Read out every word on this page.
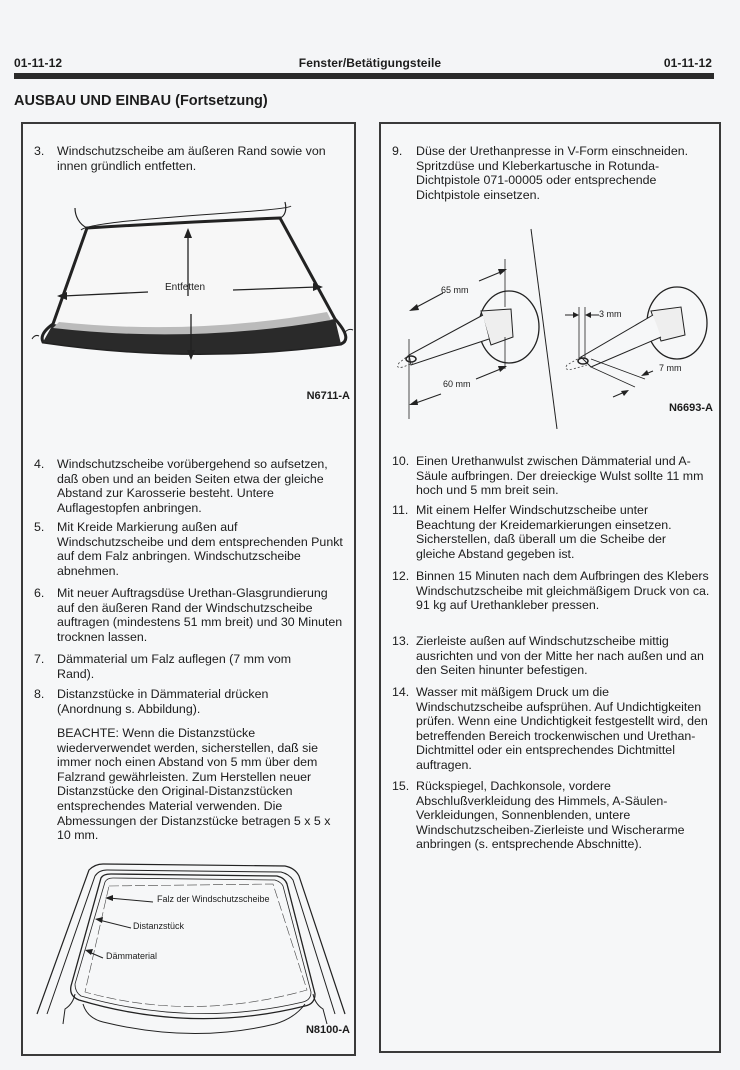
01-11-12	Fenster/Betätigungsteile	01-11-12
AUSBAU UND EINBAU (Fortsetzung)
3. Windschutzscheibe am äußeren Rand sowie von innen gründlich entfetten.
Entfetten
N6711-A
4. Windschutzscheibe vorübergehend so aufsetzen, daß oben und an beiden Seiten etwa der gleiche Abstand zur Karosserie besteht. Untere Auflagestopfen anbringen.
5. Mit Kreide Markierung außen auf Windschutzscheibe und dem entsprechenden Punkt auf dem Falz anbringen. Windschutzscheibe abnehmen.
6. Mit neuer Auftragsdüse Urethan-Glasgrundierung auf den äußeren Rand der Windschutzscheibe auftragen (mindestens 51 mm breit) und 30 Minuten trocknen lassen.
7. Dämmaterial um Falz auflegen (7 mm vom Rand).
8. Distanzstücke in Dämmaterial drücken (Anordnung s. Abbildung).
BEACHTE: Wenn die Distanzstücke wiederverwendet werden, sicherstellen, daß sie immer noch einen Abstand von 5 mm über dem Falzrand gewährleisten. Zum Herstellen neuer Distanzstücke den Original-Distanzstücken entsprechendes Material verwenden. Die Abmessungen der Distanzstücke betragen 5 x 5 x 10 mm.
Falz der Windschutzscheibe
Distanzstück
Dämmaterial
N8100-A
9. Düse der Urethanpresse in V-Form einschneiden. Spritzdüse und Kleberkartusche in Rotunda-Dichtpistole 071-00005 oder entsprechende Dichtpistole einsetzen.
65 mm
60 mm
3 mm
7 mm
N6693-A
10. Einen Urethanwulst zwischen Dämmaterial und A-Säule aufbringen. Der dreieckige Wulst sollte 11 mm hoch und 5 mm breit sein.
11. Mit einem Helfer Windschutzscheibe unter Beachtung der Kreidemarkierungen einsetzen. Sicherstellen, daß überall um die Scheibe der gleiche Abstand gegeben ist.
12. Binnen 15 Minuten nach dem Aufbringen des Klebers Windschutzscheibe mit gleichmäßigem Druck von ca. 91 kg auf Urethankleber pressen.
13. Zierleiste außen auf Windschutzscheibe mittig ausrichten und von der Mitte her nach außen und an den Seiten hinunter befestigen.
14. Wasser mit mäßigem Druck um die Windschutzscheibe aufsprühen. Auf Undichtigkeiten prüfen. Wenn eine Undichtigkeit festgestellt wird, den betreffenden Bereich trockenwischen und Urethan-Dichtmittel oder ein entsprechendes Dichtmittel auftragen.
15. Rückspiegel, Dachkonsole, vordere Abschlußverkleidung des Himmels, A-Säulen-Verkleidungen, Sonnenblenden, untere Windschutzscheiben-Zierleiste und Wischerarme anbringen (s. entsprechende Abschnitte).
